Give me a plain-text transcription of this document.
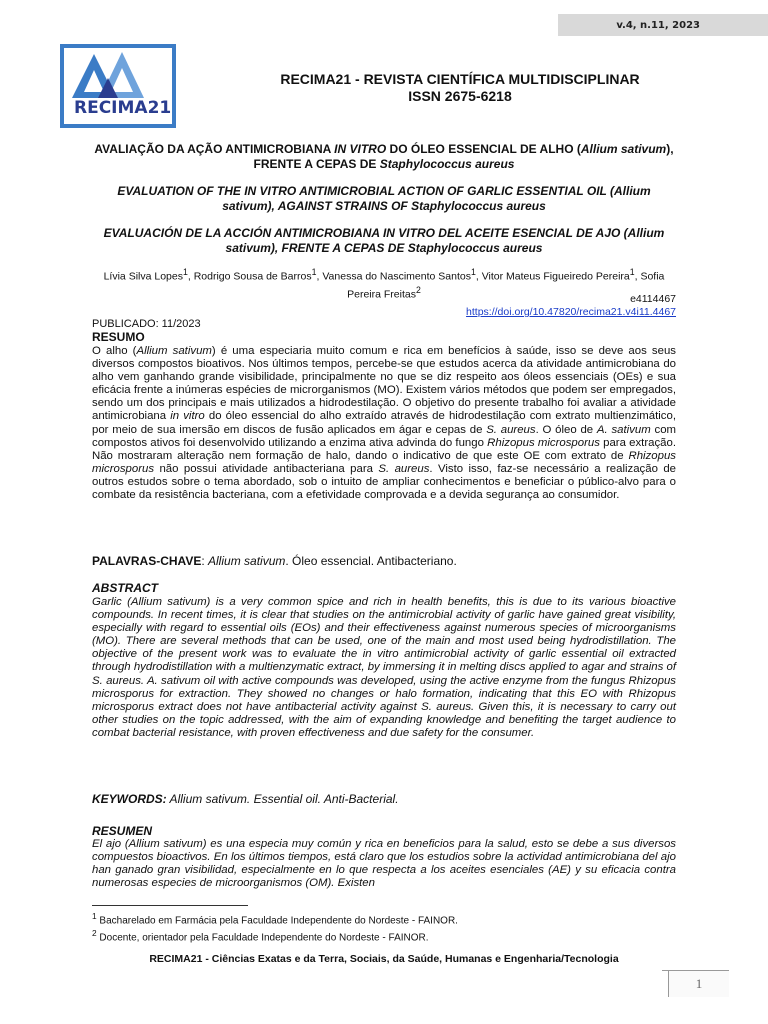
v.4, n.11, 2023
RECIMA21
RECIMA21 - REVISTA CIENTÍFICA MULTIDISCIPLINAR
ISSN 2675-6218
AVALIAÇÃO DA AÇÃO ANTIMICROBIANA IN VITRO DO ÓLEO ESSENCIAL DE ALHO (Allium sativum), FRENTE A CEPAS DE Staphylococcus aureus
EVALUATION OF THE IN VITRO ANTIMICROBIAL ACTION OF GARLIC ESSENTIAL OIL (Allium sativum), AGAINST STRAINS OF Staphylococcus aureus
EVALUACIÓN DE LA ACCIÓN ANTIMICROBIANA IN VITRO DEL ACEITE ESENCIAL DE AJO (Allium sativum), FRENTE A CEPAS DE Staphylococcus aureus
Lívia Silva Lopes$^1$, Rodrigo Sousa de Barros$^1$, Vanessa do Nascimento Santos$^1$, Vitor Mateus Figueiredo Pereira$^1$, Sofia Pereira Freitas$^2$
e4114467
https://doi.org/10.47820/recima21.v4i11.4467
PUBLICADO: 11/2023
RESUMO
O alho (Allium sativum) é uma especiaria muito comum e rica em benefícios à saúde, isso se deve aos seus diversos compostos bioativos. Nos últimos tempos, percebe-se que estudos acerca da atividade antimicrobiana do alho vem ganhando grande visibilidade, principalmente no que se diz respeito aos óleos essenciais (OEs) e sua eficácia frente a inúmeras espécies de microrganismos (MO). Existem vários métodos que podem ser empregados, sendo um dos principais e mais utilizados a hidrodestilação. O objetivo do presente trabalho foi avaliar a atividade antimicrobiana in vitro do óleo essencial do alho extraído através de hidrodestilação com extrato multienzimático, por meio de sua imersão em discos de fusão aplicados em ágar e cepas de S. aureus. O óleo de A. sativum com compostos ativos foi desenvolvido utilizando a enzima ativa advinda do fungo Rhizopus microsporus para extração. Não mostraram alteração nem formação de halo, dando o indicativo de que este OE com extrato de Rhizopus microsporus não possui atividade antibacteriana para S. aureus. Visto isso, faz-se necessário a realização de outros estudos sobre o tema abordado, sob o intuito de ampliar conhecimentos e beneficiar o público-alvo para o combate da resistência bacteriana, com a efetividade comprovada e a devida segurança ao consumidor.
PALAVRAS-CHAVE: Allium sativum. Óleo essencial. Antibacteriano.
ABSTRACT
Garlic (Allium sativum) is a very common spice and rich in health benefits, this is due to its various bioactive compounds. In recent times, it is clear that studies on the antimicrobial activity of garlic have gained great visibility, especially with regard to essential oils (EOs) and their effectiveness against numerous species of microorganisms (MO). There are several methods that can be used, one of the main and most used being hydrodistillation. The objective of the present work was to evaluate the in vitro antimicrobial activity of garlic essential oil extracted through hydrodistillation with a multienzymatic extract, by immersing it in melting discs applied to agar and strains of S. aureus. A. sativum oil with active compounds was developed, using the active enzyme from the fungus Rhizopus microsporus for extraction. They showed no changes or halo formation, indicating that this EO with Rhizopus microsporus extract does not have antibacterial activity against S. aureus. Given this, it is necessary to carry out other studies on the topic addressed, with the aim of expanding knowledge and benefiting the target audience to combat bacterial resistance, with proven effectiveness and due safety for the consumer.
KEYWORDS: Allium sativum. Essential oil. Anti-Bacterial.
RESUMEN
El ajo (Allium sativum) es una especia muy común y rica en beneficios para la salud, esto se debe a sus diversos compuestos bioactivos. En los últimos tiempos, está claro que los estudios sobre la actividad antimicrobiana del ajo han ganado gran visibilidad, especialmente en lo que respecta a los aceites esenciales (AE) y su eficacia contra numerosas especies de microorganismos (OM). Existen
$^1$ Bacharelado em Farmácia pela Faculdade Independente do Nordeste - FAINOR.
$^2$ Docente, orientador pela Faculdade Independente do Nordeste - FAINOR.
RECIMA21 - Ciências Exatas e da Terra, Sociais, da Saúde, Humanas e Engenharia/Tecnologia
1
